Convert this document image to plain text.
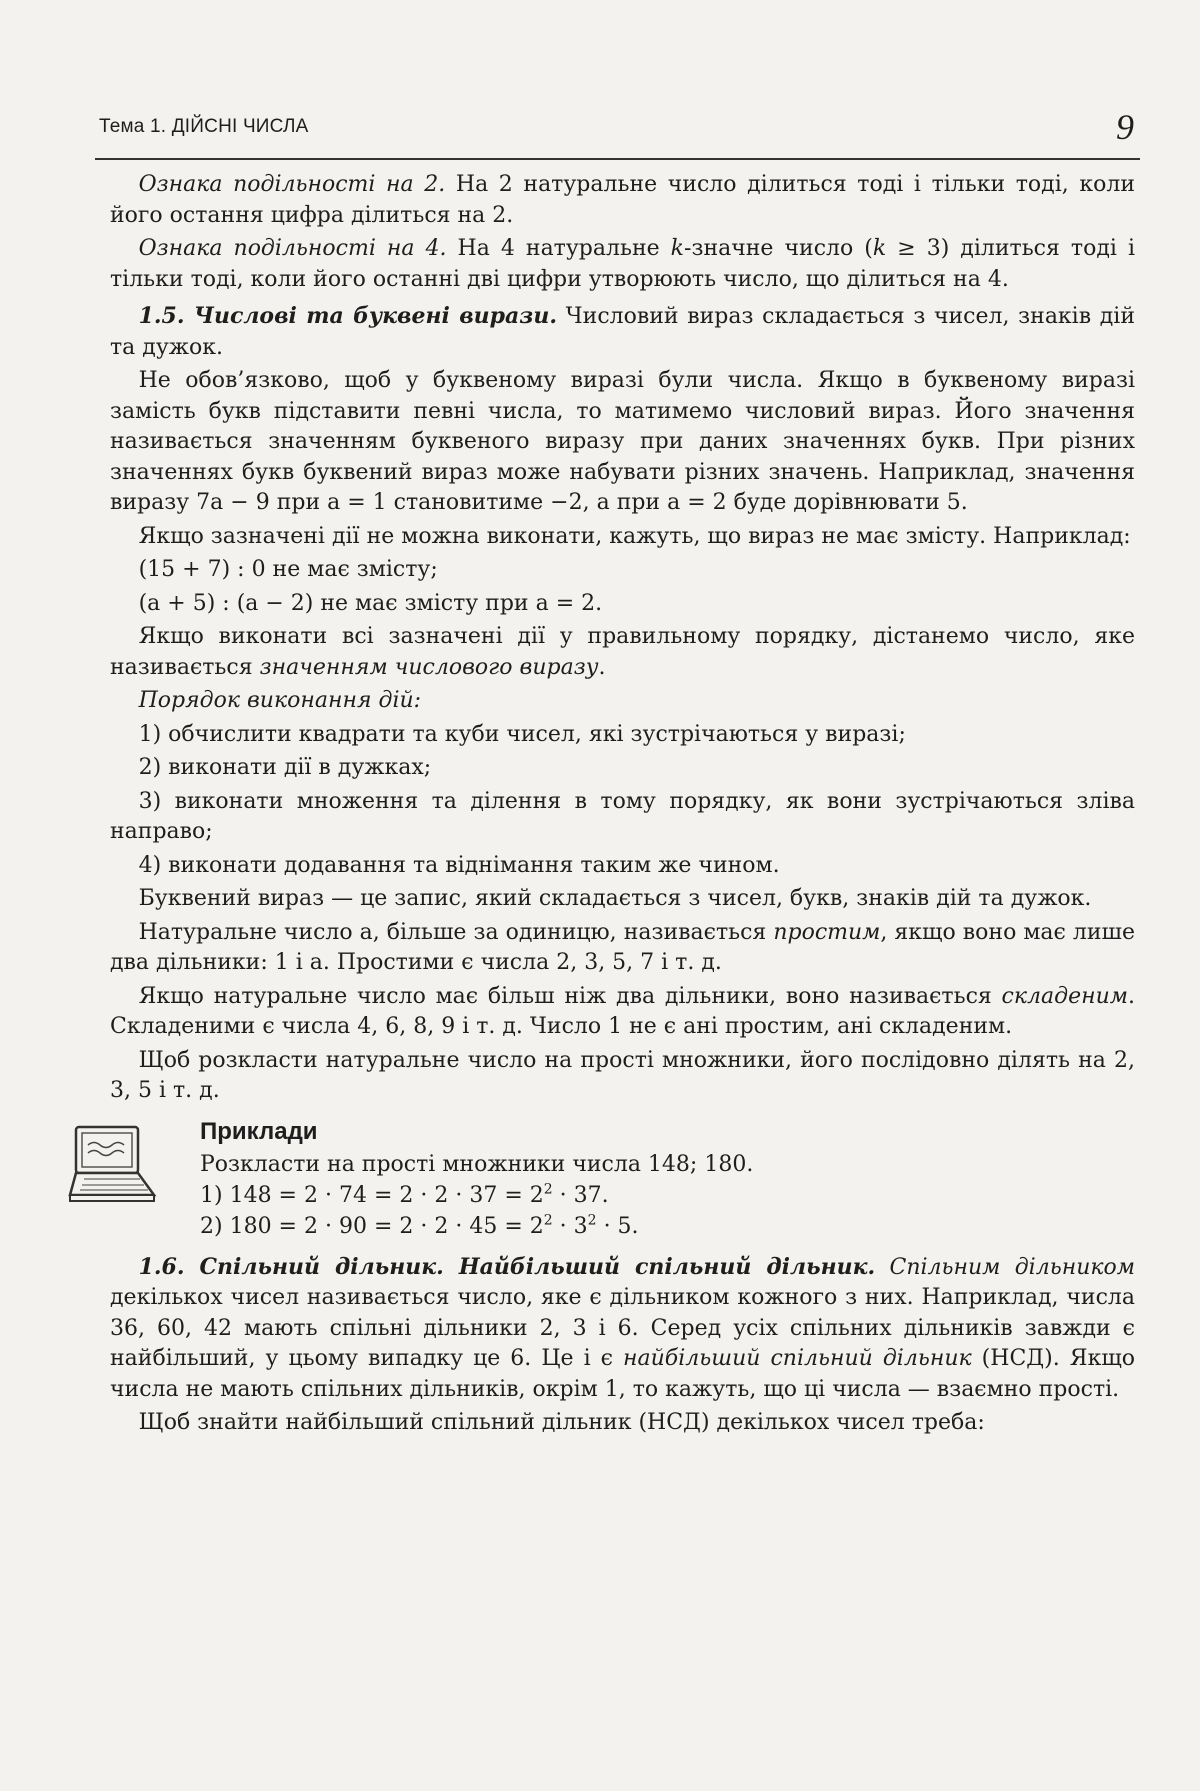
Тема 1. ДІЙСНІ ЧИСЛА	9

Ознака подільності на 2. На 2 натуральне число ділиться тоді і тільки тоді, коли його остання цифра ділиться на 2.

Ознака подільності на 4. На 4 натуральне k-значне число (k ≥ 3) ділиться тоді і тільки тоді, коли його останні дві цифри утворюють число, що ділиться на 4.

1.5. Числові та буквені вирази. Числовий вираз складається з чисел, знаків дій та дужок.

Не обов’язково, щоб у буквеному виразі були числа. Якщо в буквеному виразі замість букв підставити певні числа, то матимемо числовий вираз. Його значення називається значенням буквеного виразу при даних значеннях букв. При різних значеннях букв буквений вираз може набувати різних значень. Наприклад, значення виразу 7a − 9 при a = 1 становитиме −2, а при a = 2 буде дорівнювати 5.

Якщо зазначені дії не можна виконати, кажуть, що вираз не має змісту. Наприклад:

(15 + 7) : 0 не має змісту;

(a + 5) : (a − 2) не має змісту при a = 2.

Якщо виконати всі зазначені дії у правильному порядку, дістанемо число, яке називається значенням числового виразу.

Порядок виконання дій:

1) обчислити квадрати та куби чисел, які зустрічаються у виразі;

2) виконати дії в дужках;

3) виконати множення та ділення в тому порядку, як вони зустрічаються зліва направо;

4) виконати додавання та віднімання таким же чином.

Буквений вираз — це запис, який складається з чисел, букв, знаків дій та дужок.

Натуральне число a, більше за одиницю, називається простим, якщо воно має лише два дільники: 1 і a. Простими є числа 2, 3, 5, 7 і т. д.

Якщо натуральне число має більш ніж два дільники, воно називається складеним. Складеними є числа 4, 6, 8, 9 і т. д. Число 1 не є ані простим, ані складеним.

Щоб розкласти натуральне число на прості множники, його послідовно ділять на 2, 3, 5 і т. д.

Приклади

Розкласти на прості множники числа 148; 180.

1) $148 = 2 \cdot 74 = 2 \cdot 2 \cdot 37 = 2^2 \cdot 37$.

2) $180 = 2 \cdot 90 = 2 \cdot 2 \cdot 45 = 2^2 \cdot 3^2 \cdot 5$.

1.6. Спільний дільник. Найбільший спільний дільник. Спільним дільником декількох чисел називається число, яке є дільником кожного з них. Наприклад, числа 36, 60, 42 мають спільні дільники 2, 3 і 6. Серед усіх спільних дільників завжди є найбільший, у цьому випадку це 6. Це і є найбільший спільний дільник (НСД). Якщо числа не мають спільних дільників, окрім 1, то кажуть, що ці числа — взаємно прості.

Щоб знайти найбільший спільний дільник (НСД) декількох чисел треба:
